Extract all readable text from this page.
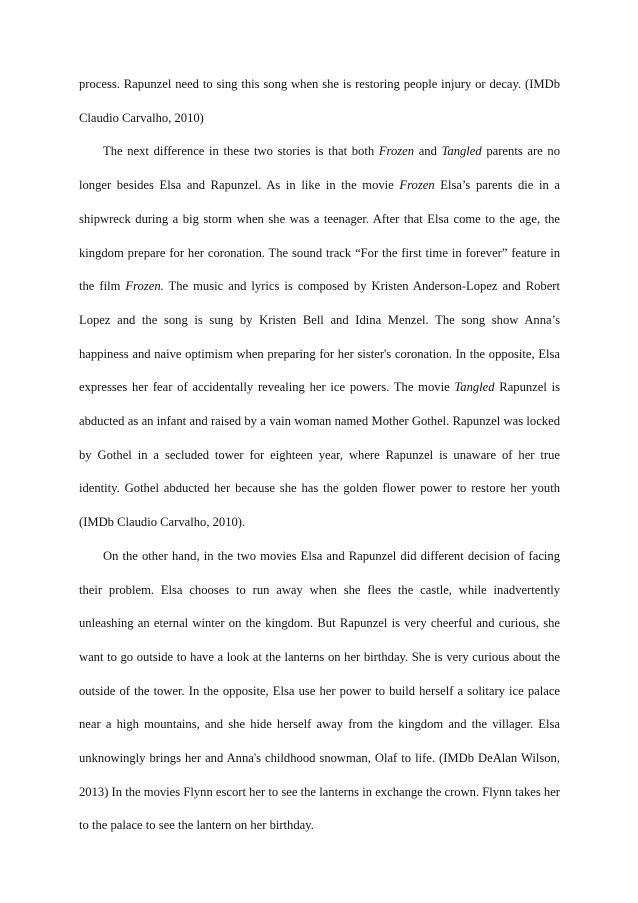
process. Rapunzel need to sing this song when she is restoring people injury or decay. (IMDb Claudio Carvalho, 2010)

The next difference in these two stories is that both Frozen and Tangled parents are no longer besides Elsa and Rapunzel. As in like in the movie Frozen Elsa’s parents die in a shipwreck during a big storm when she was a teenager. After that Elsa come to the age, the kingdom prepare for her coronation. The sound track “For the first time in forever” feature in the film Frozen. The music and lyrics is composed by Kristen Anderson-Lopez and Robert Lopez and the song is sung by Kristen Bell and Idina Menzel. The song show Anna’s happiness and naive optimism when preparing for her sister's coronation. In the opposite, Elsa expresses her fear of accidentally revealing her ice powers. The movie Tangled Rapunzel is abducted as an infant and raised by a vain woman named Mother Gothel. Rapunzel was locked by Gothel in a secluded tower for eighteen year, where Rapunzel is unaware of her true identity. Gothel abducted her because she has the golden flower power to restore her youth (IMDb Claudio Carvalho, 2010).

On the other hand, in the two movies Elsa and Rapunzel did different decision of facing their problem. Elsa chooses to run away when she flees the castle, while inadvertently unleashing an eternal winter on the kingdom. But Rapunzel is very cheerful and curious, she want to go outside to have a look at the lanterns on her birthday. She is very curious about the outside of the tower. In the opposite, Elsa use her power to build herself a solitary ice palace near a high mountains, and she hide herself away from the kingdom and the villager. Elsa unknowingly brings her and Anna's childhood snowman, Olaf to life. (IMDb DeAlan Wilson, 2013) In the movies Flynn escort her to see the lanterns in exchange the crown. Flynn takes her to the palace to see the lantern on her birthday.
